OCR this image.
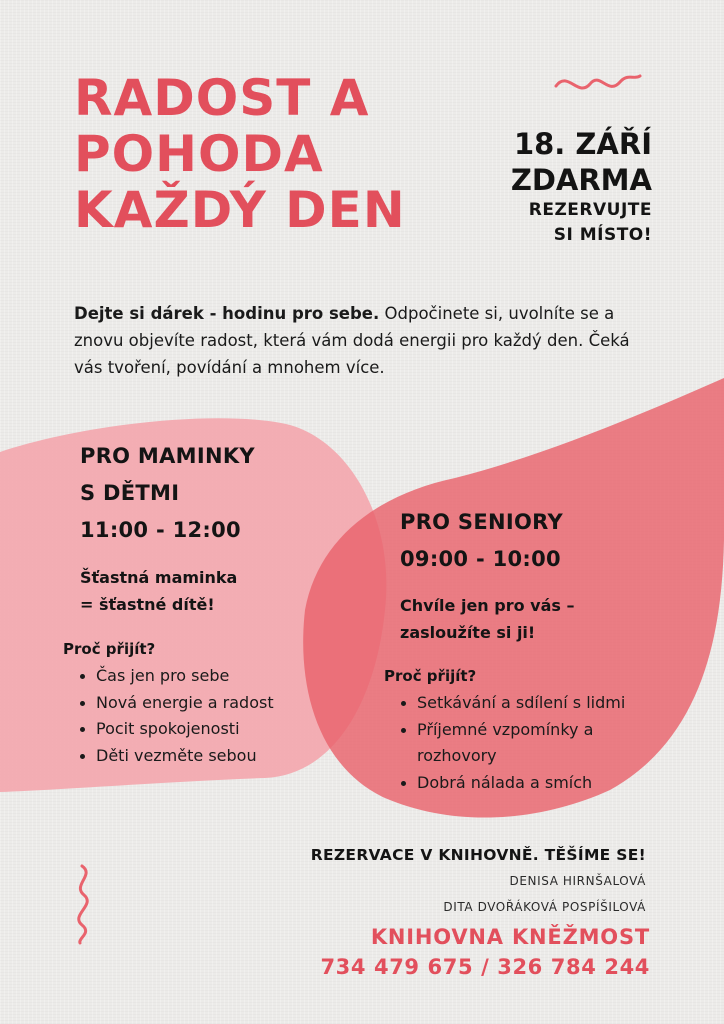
RADOST A
POHODA
KAŽDÝ DEN
18. ZÁŘÍ
ZDARMA
REZERVUJTE
SI MÍSTO!
Dejte si dárek - hodinu pro sebe. Odpočinete si, uvolníte se a znovu objevíte radost, která vám dodá energii pro každý den. Čeká vás tvoření, povídání a mnohem více.
PRO MAMINKY
S DĚTMI
11:00 - 12:00
Šťastná maminka
= šťastné dítě!
Proč přijít?
Čas jen pro sebe
Nová energie a radost
Pocit spokojenosti
Děti vezměte sebou
PRO SENIORY
09:00 - 10:00
Chvíle jen pro vás –
zasloužíte si ji!
Proč přijít?
Setkávání a sdílení s lidmi
Příjemné vzpomínky a
rozhovory
Dobrá nálada a smích
REZERVACE V KNIHOVNĚ. TĚŠÍME SE!
DENISA HIRNŠALOVÁ
DITA DVOŘÁKOVÁ POSPÍŠILOVÁ
KNIHOVNA KNĚŽMOST
734 479 675 / 326 784 244
